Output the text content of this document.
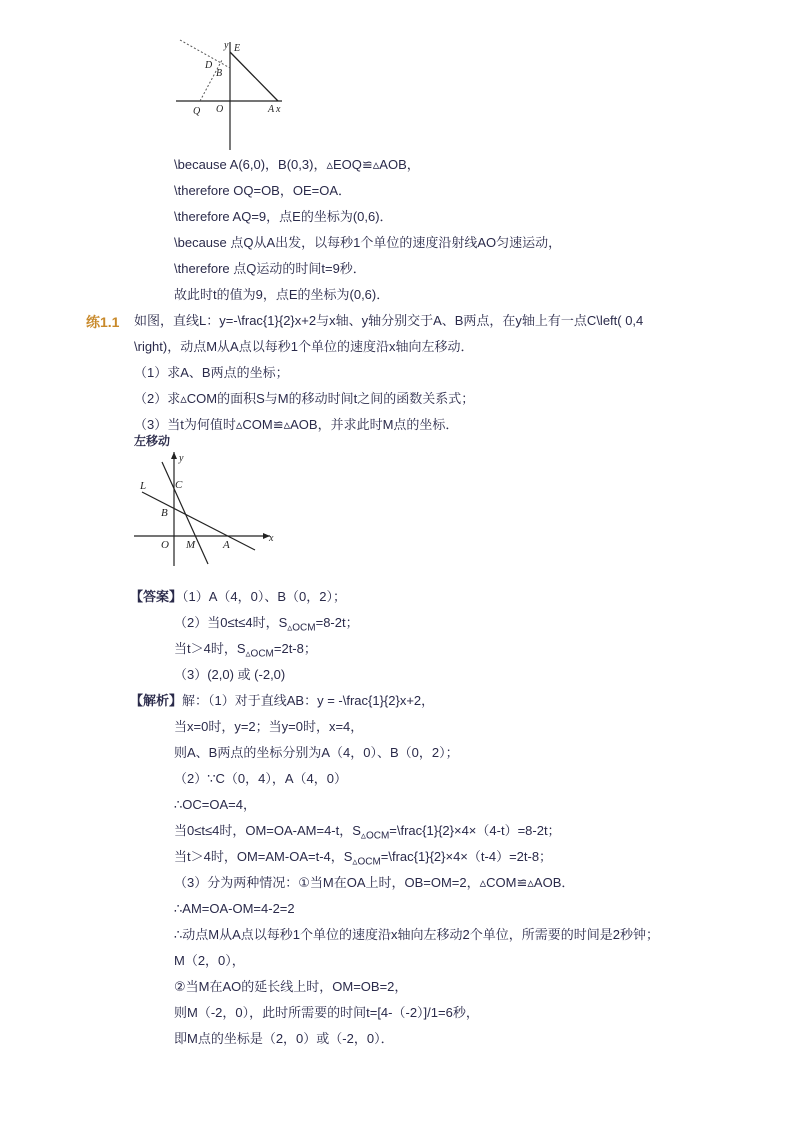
y E
D
B
Q O	A x
\because A(6,0)，B(0,3)，▵EOQ≌▵AOB，
\therefore OQ=OB，OE=OA．
\therefore AQ=9，点E的坐标为(0,6)．
\because 点Q从A出发，以每秒1个单位的速度沿射线AO匀速运动，
\therefore 点Q运动的时间t=9秒．
故此时t的值为9，点E的坐标为(0,6)．
练1.1 如图，直线L：y=-\frac{1}{2}x+2与x轴、y轴分别交于A、B两点，在y轴上有一点C\left( 0,4
\right)，动点M从A点以每秒1个单位的速度沿x轴向左移动．
（1）求A、B两点的坐标；
（2）求▵COM的面积S与M的移动时间t之间的函数关系式；
（3）当t为何值时▵COM≌▵AOB，并求此时M点的坐标．
左移动
y
L	C
B
O M	A
x
【答案】（1）A（4，0）、B（0，2）；
（2）当0≤t≤4时，$S_{▵OCM}=8-2t$；
当t＞4时，$S_{▵OCM}=2t-8$；
（3）(2,0) 或 (-2,0)
【解析】解：（1）对于直线AB：y = -\frac{1}{2}x+2，
当x=0时，y=2；当y=0时，x=4，
则A、B两点的坐标分别为A（4，0）、B（0，2）；
（2）∵C（0，4），A（4，0）
∴OC=OA=4，
当0≤t≤4时，OM=OA-AM=4-t，$S_{▵OCM}=\backslash frac\{1\}\{2\}\times 4\times(4-t)=8-2t$；
当t＞4时，OM=AM-OA=t-4，$S_{▵OCM}=\backslash frac\{1\}\{2\}\times 4\times(t-4)=2t-8$；
（3）分为两种情况：①当M在OA上时，OB=OM=2，▵COM≌▵AOB．
∴AM=OA-OM=4-2=2
∴动点M从A点以每秒1个单位的速度沿x轴向左移动2个单位，所需要的时间是2秒钟；
M（2，0），
②当M在AO的延长线上时，OM=OB=2，
则M（-2，0），此时所需要的时间t=[4-（-2）]/1=6秒，
即M点的坐标是（2，0）或（-2，0）．
